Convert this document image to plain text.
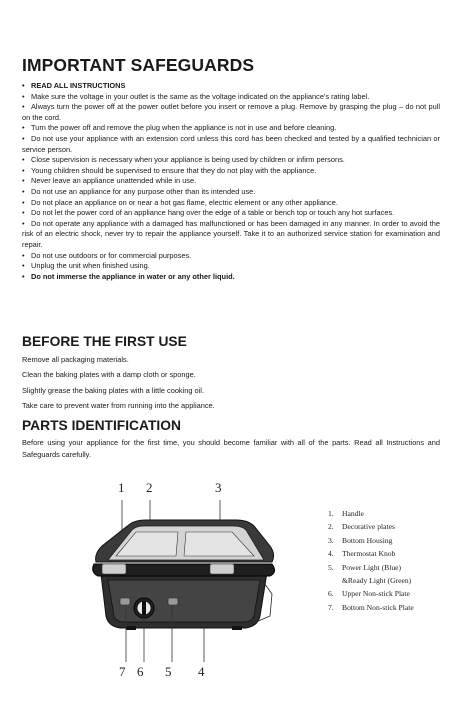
IMPORTANT SAFEGUARDS
• READ ALL INSTRUCTIONS
• Make sure the voltage in your outlet is the same as the voltage indicated on the appliance's rating label.
• Always turn the power off at the power outlet before you insert or remove a plug. Remove by grasping the plug – do not pull on the cord.
• Turn the power off and remove the plug when the appliance is not in use and before cleaning.
• Do not use your appliance with an extension cord unless this cord has been checked and tested by a qualified technician or service person.
• Close supervision is necessary when your appliance is being used by children or infirm persons.
• Young children should be supervised to ensure that they do not play with the appliance.
• Never leave an appliance unattended while in use.
• Do not use an appliance for any purpose other than its intended use.
• Do not place an appliance on or near a hot gas flame, electric element or any other appliance.
• Do not let the power cord of an appliance hang over the edge of a table or bench top or touch any hot surfaces.
• Do not operate any appliance with a damaged has malfunctioned or has been damaged in any manner. In order to avoid the risk of an electric shock, never try to repair the appliance yourself. Take it to an authorized service station for examination and repair.
• Do not use outdoors or for commercial purposes.
• Unplug the unit when finished using.
• Do not immerse the appliance in water or any other liquid.
BEFORE THE FIRST USE
Remove all packaging materials.
Clean the baking plates with a damp cloth or sponge.
Slightly grease the baking plates with a little cooking oil.
Take care to prevent water from running into the appliance.
PARTS IDENTIFICATION
Before using your appliance for the first time, you should become familiar with all of the parts. Read all Instructions and Safeguards carefully.
1 2	3
7 6 5 4
1. Handle
2. Decorative plates
3. Bottom Housing
4. Thermostat Knob
5. Power Light (Blue)
&Ready Light (Green)
6. Upper Non-stick Plate
7. Bottom Non-stick Plate
